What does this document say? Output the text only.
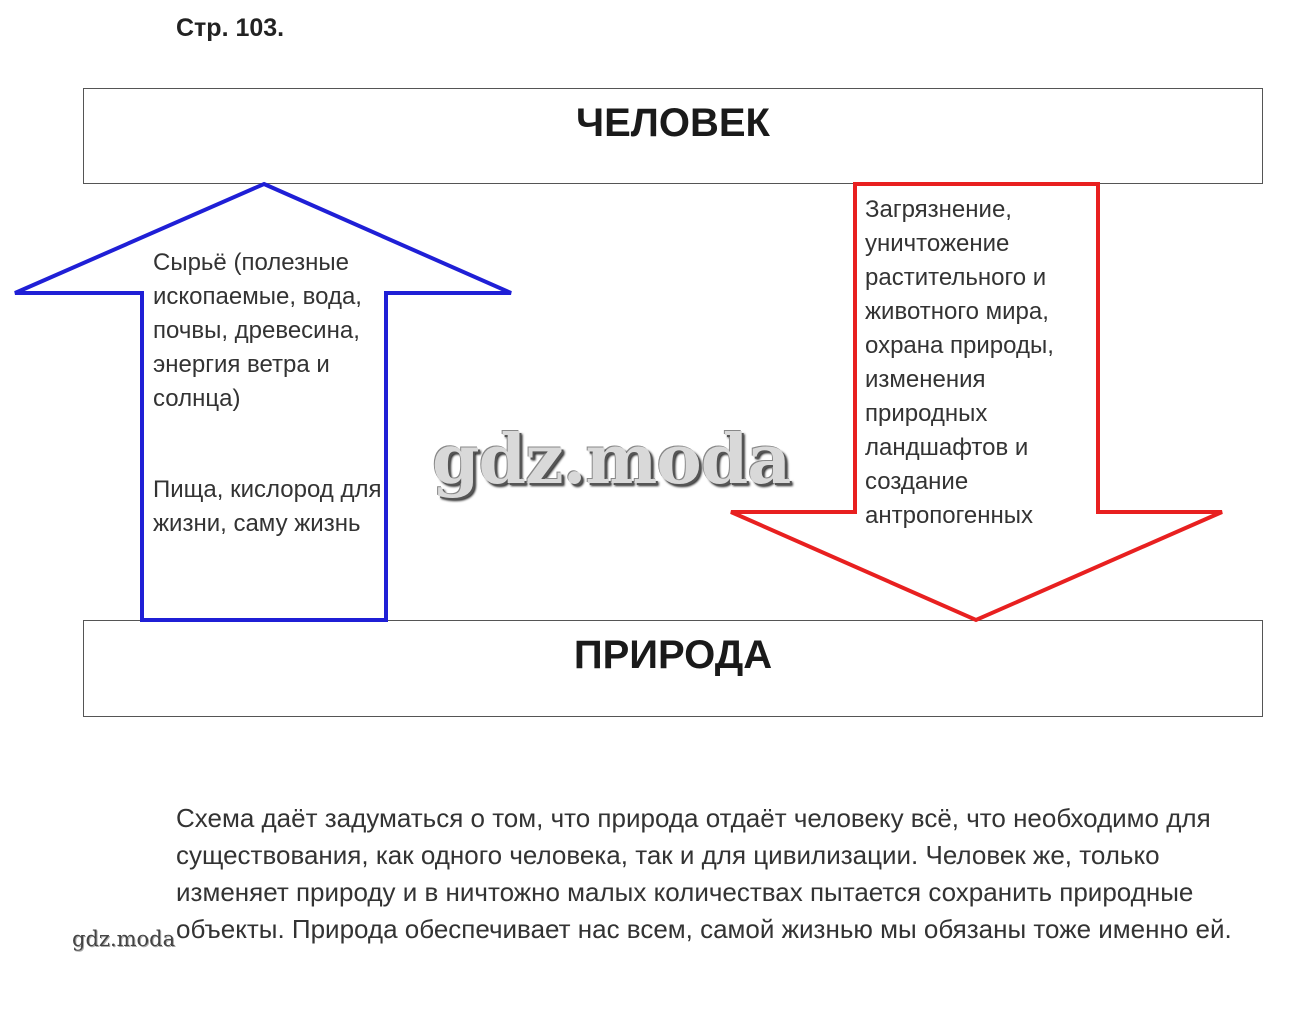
Стр. 103.
ЧЕЛОВЕК
ПРИРОДА
Сырьё (полезные ископаемые, вода, почвы, древесина, энергия ветра и солнца)
Пища, кислород для жизни, саму жизнь
Загрязнение, уничтожение растительного и животного мира, охрана природы, изменения природных ландшафтов и создание антропогенных
gdz.moda
Схема даёт задуматься о том, что природа отдаёт человеку всё, что необходимо для существования, как одного человека, так и для цивилизации. Человек же, только изменяет природу и в ничтожно малых количествах пытается сохранить природные объекты. Природа обеспечивает нас всем, самой жизнью мы обязаны тоже именно ей.
gdz.moda
